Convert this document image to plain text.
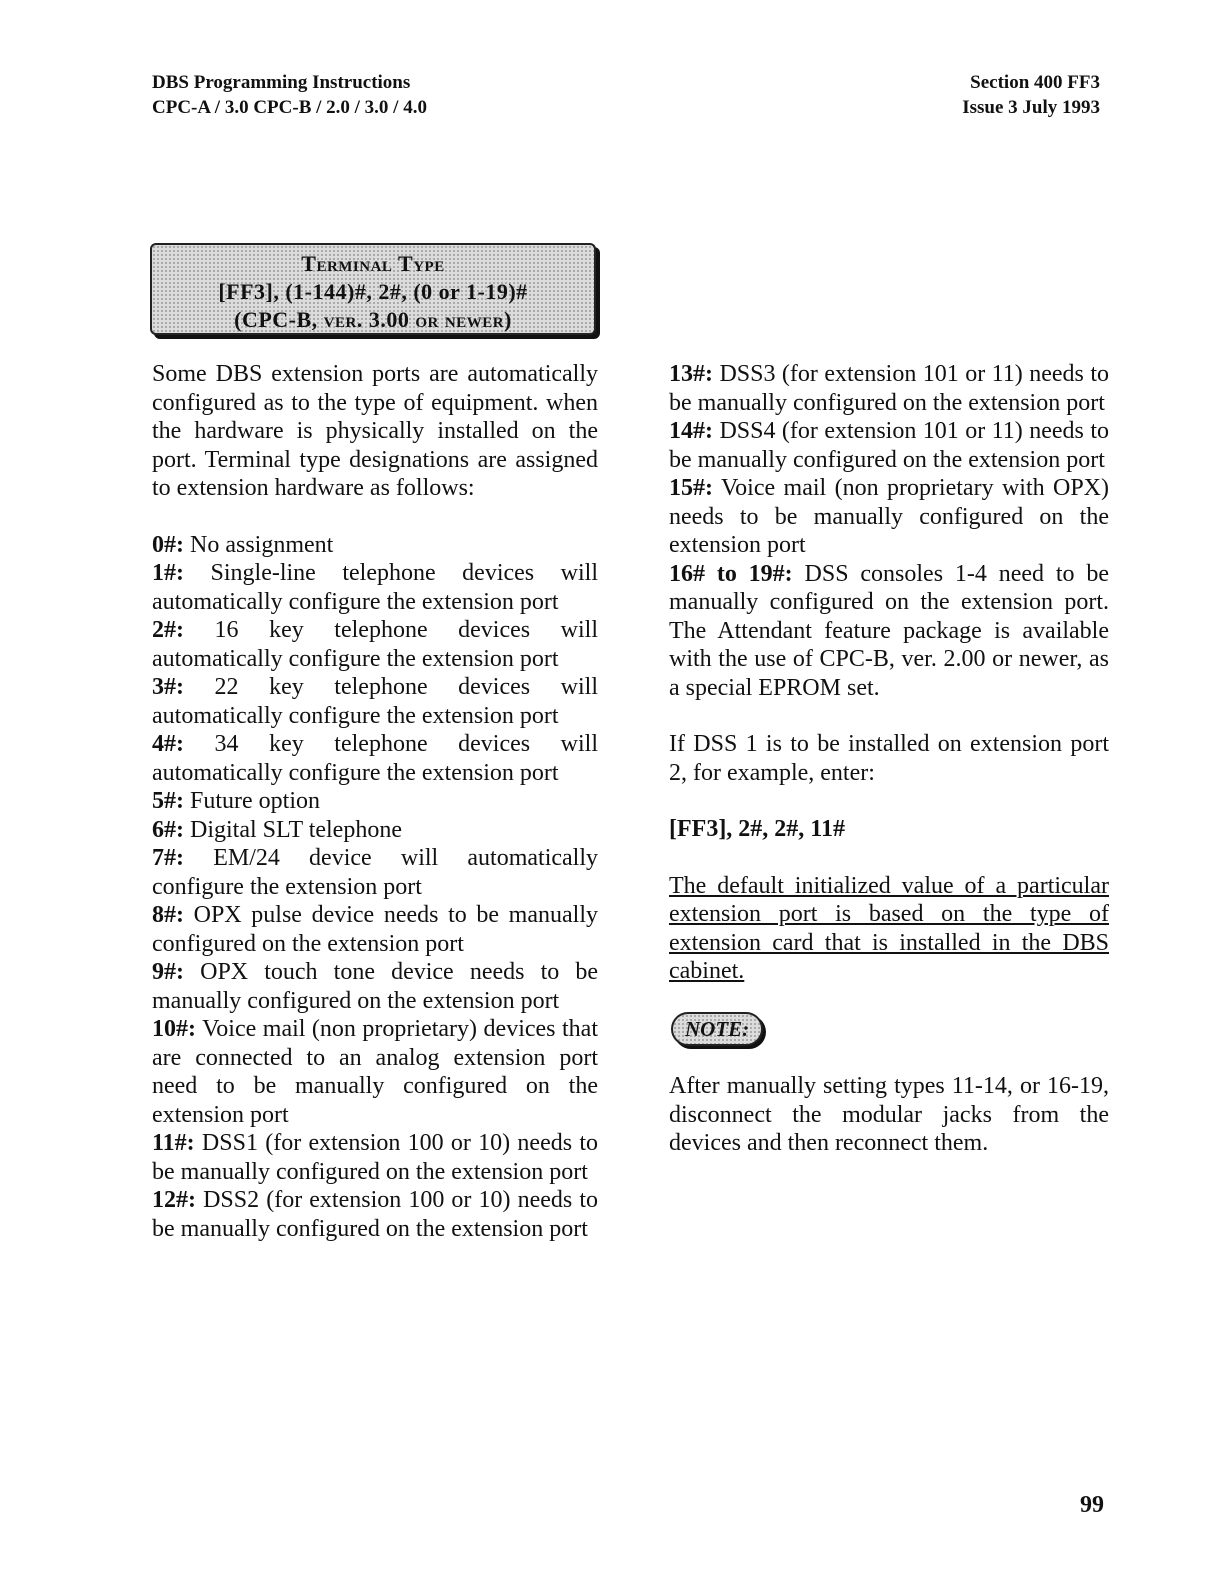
DBS Programming Instructions
CPC-A / 3.0 CPC-B / 2.0 / 3.0 / 4.0
Section 400 FF3
Issue 3 July 1993
Terminal Type
[FF3], (1-144)#, 2#, (0 or 1-19)#
(CPC-B, ver. 3.00 or newer)

Some DBS extension ports are automatically configured as to the type of equipment. when the hardware is physically installed on the port. Terminal type designations are assigned to extension hardware as follows:

0#: No assignment

1#: Single-line telephone devices will automatically configure the extension port

2#: 16 key telephone devices will automatically configure the extension port

3#: 22 key telephone devices will automatically configure the extension port

4#: 34 key telephone devices will automatically configure the extension port

5#: Future option

6#: Digital SLT telephone

7#: EM/24 device will automatically configure the extension port

8#: OPX pulse device needs to be manually configured on the extension port

9#: OPX touch tone device needs to be manually configured on the extension port

10#: Voice mail (non proprietary) devices that are connected to an analog extension port need to be manually configured on the extension port

11#: DSS1 (for extension 100 or 10) needs to be manually configured on the extension port

12#: DSS2 (for extension 100 or 10) needs to be manually configured on the extension port

13#: DSS3 (for extension 101 or 11) needs to be manually configured on the extension port

14#: DSS4 (for extension 101 or 11) needs to be manually configured on the extension port

15#: Voice mail (non proprietary with OPX) needs to be manually configured on the extension port

16# to 19#: DSS consoles 1-4 need to be manually configured on the extension port. The Attendant feature package is available with the use of CPC-B, ver. 2.00 or newer, as a special EPROM set.

If DSS 1 is to be installed on extension port 2, for example, enter:

[FF3], 2#, 2#, 11#

The default initialized value of a particular extension port is based on the type of extension card that is installed in the DBS cabinet.

NOTE:

After manually setting types 11-14, or 16-19, disconnect the modular jacks from the devices and then reconnect them.

99
